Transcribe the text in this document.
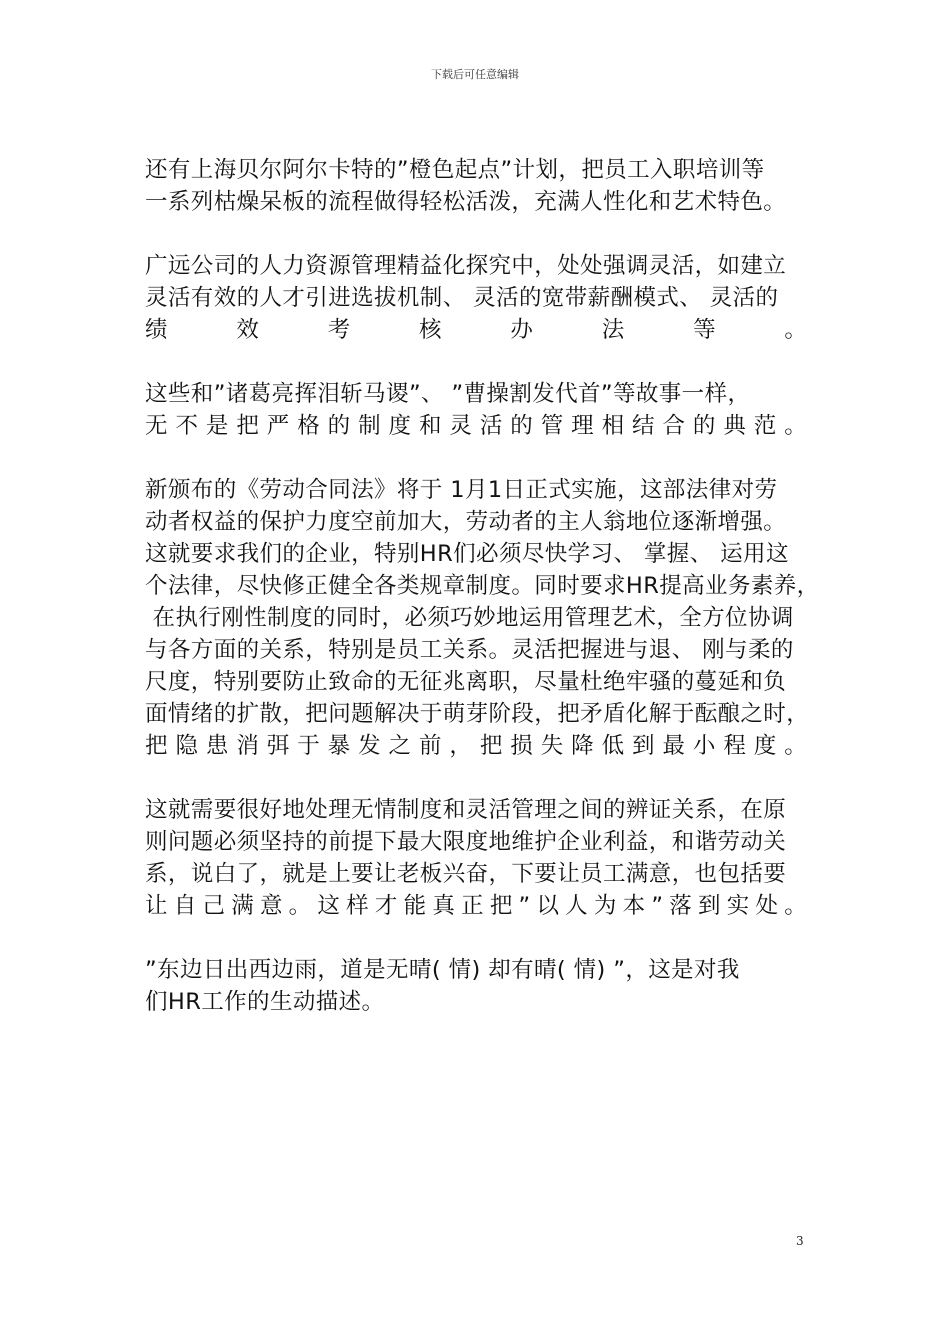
下载后可任意编辑
还有上海贝尔阿尔卡特的”橙色起点”计划，把员工入职培训等
一系列枯燥呆板的流程做得轻松活泼，充满人性化和艺术特色。
广远公司的人力资源管理精益化探究中，处处强调灵活，如建立
灵活有效的人才引进选拔机制、 灵活的宽带薪酬模式、 灵活的
绩	效	考	核	办	法	等	。
这些和”诸葛亮挥泪斩马谡”、 ”曹操割发代首”等故事一样，
无 不 是 把 严 格 的 制 度 和 灵 活 的 管 理 相 结 合 的 典 范 。
新颁布的《劳动合同法》将于 1月1日正式实施，这部法律对劳
动者权益的保护力度空前加大，劳动者的主人翁地位逐渐增强。
这就要求我们的企业，特别HR们必须尽快学习、 掌握、 运用这
个法律，尽快修正健全各类规章制度。同时要求HR提高业务素养，
在执行刚性制度的同时，必须巧妙地运用管理艺术，全方位协调
与各方面的关系，特别是员工关系。灵活把握进与退、 刚与柔的
尺度，特别要防止致命的无征兆离职，尽量杜绝牢骚的蔓延和负
面情绪的扩散，把问题解决于萌芽阶段，把矛盾化解于酝酿之时，
把 隐 患 消 弭 于 暴 发 之 前 ， 把 损 失 降 低 到 最 小 程 度 。
这就需要很好地处理无情制度和灵活管理之间的辨证关系，在原
则问题必须坚持的前提下最大限度地维护企业利益，和谐劳动关
系，说白了，就是上要让老板兴奋，下要让员工满意，也包括要
让 自 己 满 意 。 这 样 才 能 真 正 把 ” 以 人 为 本 ” 落 到 实 处 。
”东边日出西边雨，道是无晴( 情) 却有晴( 情) ”，这是对我
们HR工作的生动描述。
3
